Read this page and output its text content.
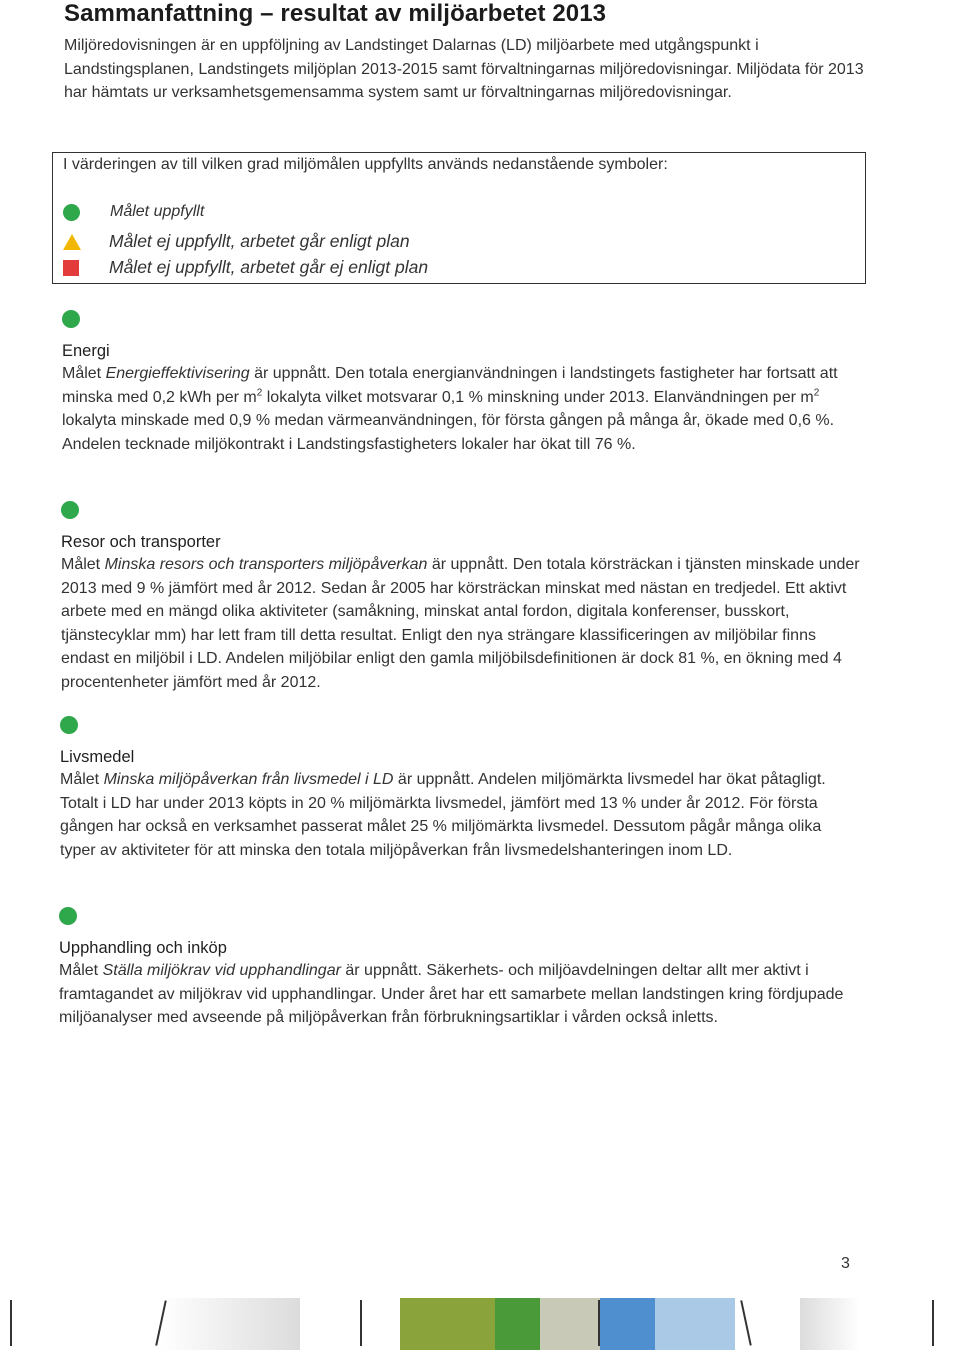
Sammanfattning – resultat av miljöarbetet 2013
Miljöredovisningen är en uppföljning av Landstinget Dalarnas (LD) miljöarbete med utgångspunkt i Landstingsplanen, Landstingets miljöplan 2013-2015 samt förvaltningarnas miljöredovisningar. Miljödata för 2013 har hämtats ur verksamhetsgemensamma system samt ur förvaltningarnas miljöredovisningar.
I värderingen av till vilken grad miljömålen uppfyllts används nedanstående symboler:
Målet uppfyllt
Målet ej uppfyllt, arbetet går enligt plan
Målet ej uppfyllt, arbetet går ej enligt plan
Energi
Målet Energieffektivisering är uppnått. Den totala energianvändningen i landstingets fastigheter har fortsatt att minska med 0,2 kWh per $m^2$ lokalyta vilket motsvarar 0,1 % minskning under 2013. Elanvändningen per $m^2$ lokalyta minskade med 0,9 % medan värmeanvändningen, för första gången på många år, ökade med 0,6 %. Andelen tecknade miljökontrakt i Landstingsfastigheters lokaler har ökat till 76 %.
Resor och transporter
Målet Minska resors och transporters miljöpåverkan är uppnått. Den totala körsträckan i tjänsten minskade under 2013 med 9 % jämfört med år 2012. Sedan år 2005 har körsträckan minskat med nästan en tredjedel. Ett aktivt arbete med en mängd olika aktiviteter (samåkning, minskat antal fordon, digitala konferenser, busskort, tjänstecyklar mm) har lett fram till detta resultat. Enligt den nya strängare klassificeringen av miljöbilar finns endast en miljöbil i LD. Andelen miljöbilar enligt den gamla miljöbilsdefinitionen är dock 81 %, en ökning med 4 procentenheter jämfört med år 2012.
Livsmedel
Målet Minska miljöpåverkan från livsmedel i LD är uppnått. Andelen miljömärkta livsmedel har ökat påtagligt. Totalt i LD har under 2013 köpts in 20 % miljömärkta livsmedel, jämfört med 13 % under år 2012. För första gången har också en verksamhet passerat målet 25 % miljömärkta livsmedel. Dessutom pågår många olika typer av aktiviteter för att minska den totala miljöpåverkan från livsmedelshanteringen inom LD.
Upphandling och inköp
Målet Ställa miljökrav vid upphandlingar är uppnått. Säkerhets- och miljöavdelningen deltar allt mer aktivt i framtagandet av miljökrav vid upphandlingar. Under året har ett samarbete mellan landstingen kring fördjupade miljöanalyser med avseende på miljöpåverkan från förbrukningsartiklar i vården också inletts.
3
